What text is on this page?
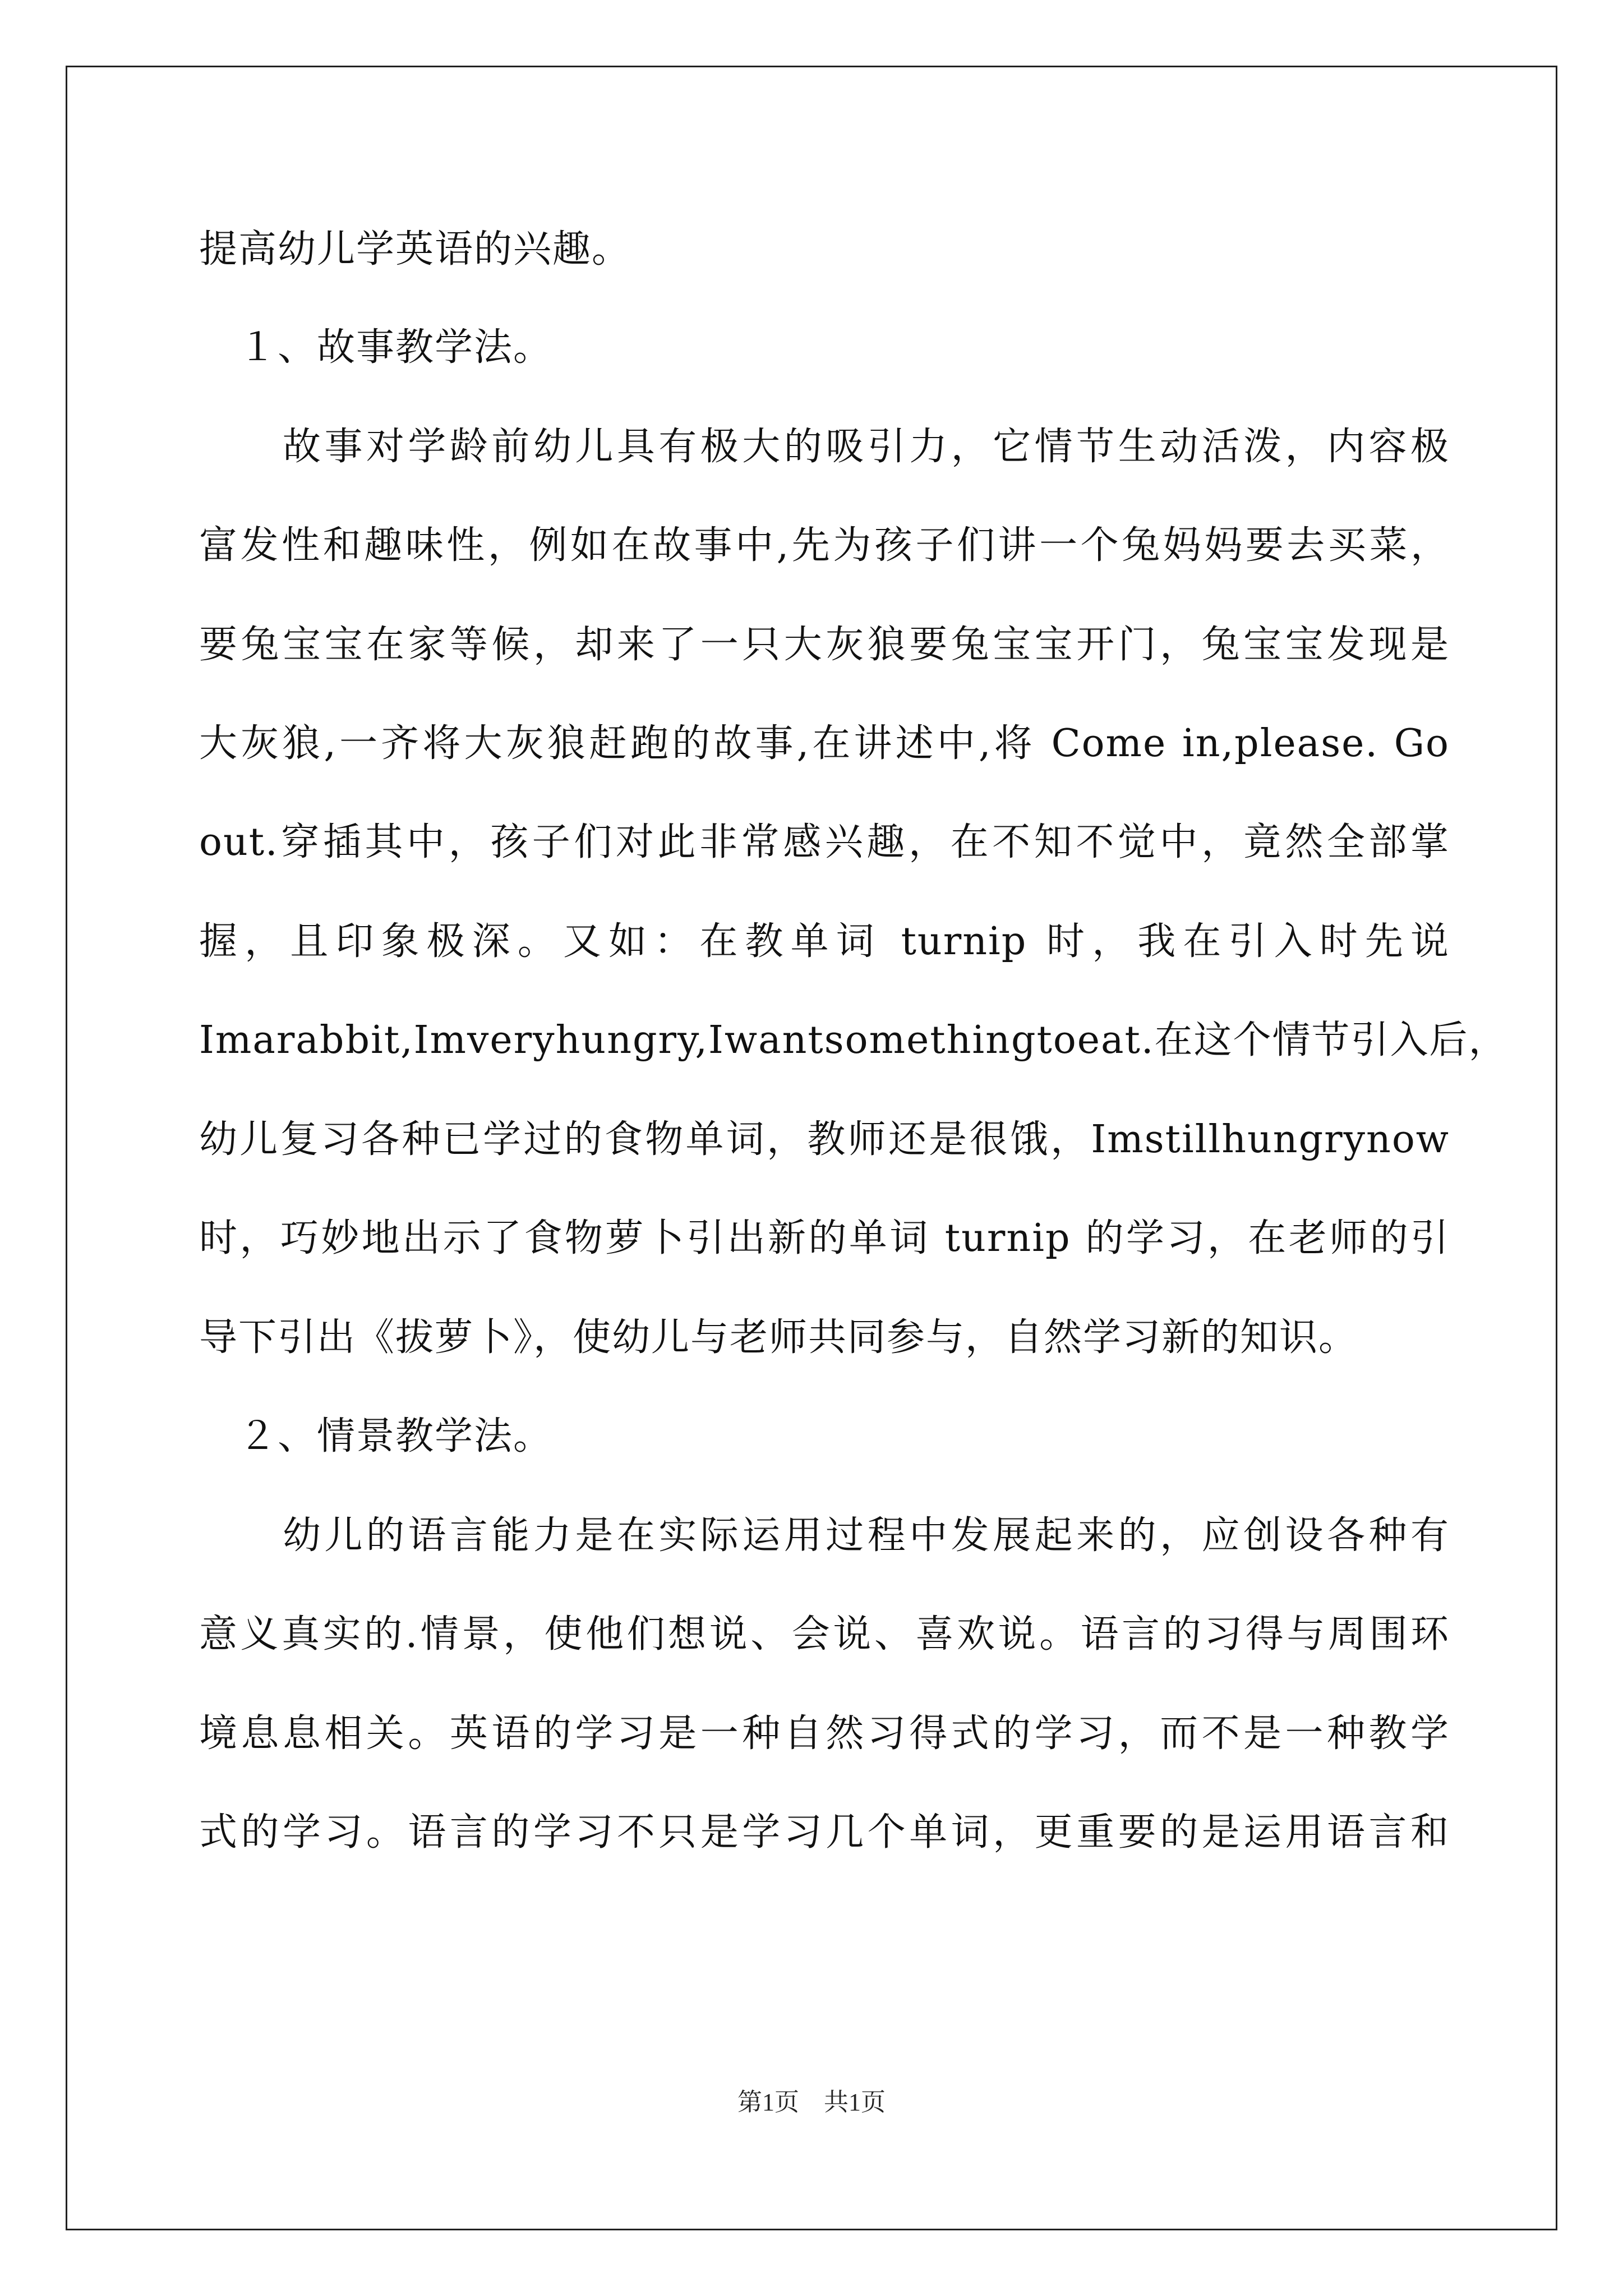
提高幼儿学英语的兴趣。
　１、故事教学法。
　　故事对学龄前幼儿具有极大的吸引力，它情节生动活泼，内容极
富发性和趣味性，例如在故事中,先为孩子们讲一个兔妈妈要去买菜，
要兔宝宝在家等候，却来了一只大灰狼要兔宝宝开门，兔宝宝发现是
大灰狼,一齐将大灰狼赶跑的故事,在讲述中,将 Come in,please. Go
out.穿插其中，孩子们对此非常感兴趣，在不知不觉中，竟然全部掌
握，且印象极深。又如：在教单词 turnip 时，我在引入时先说
Imarabbit,Imveryhungry,Iwantsomethingtoeat.在这个情节引入后，
幼儿复习各种已学过的食物单词，教师还是很饿，Imstillhungrynow
时，巧妙地出示了食物萝卜引出新的单词 turnip 的学习，在老师的引
导下引出《拔萝卜》，使幼儿与老师共同参与，自然学习新的知识。
　２、情景教学法。
　　幼儿的语言能力是在实际运用过程中发展起来的，应创设各种有
意义真实的.情景，使他们想说、会说、喜欢说。语言的习得与周围环
境息息相关。英语的学习是一种自然习得式的学习，而不是一种教学
式的学习。语言的学习不只是学习几个单词，更重要的是运用语言和
第1页　共1页
